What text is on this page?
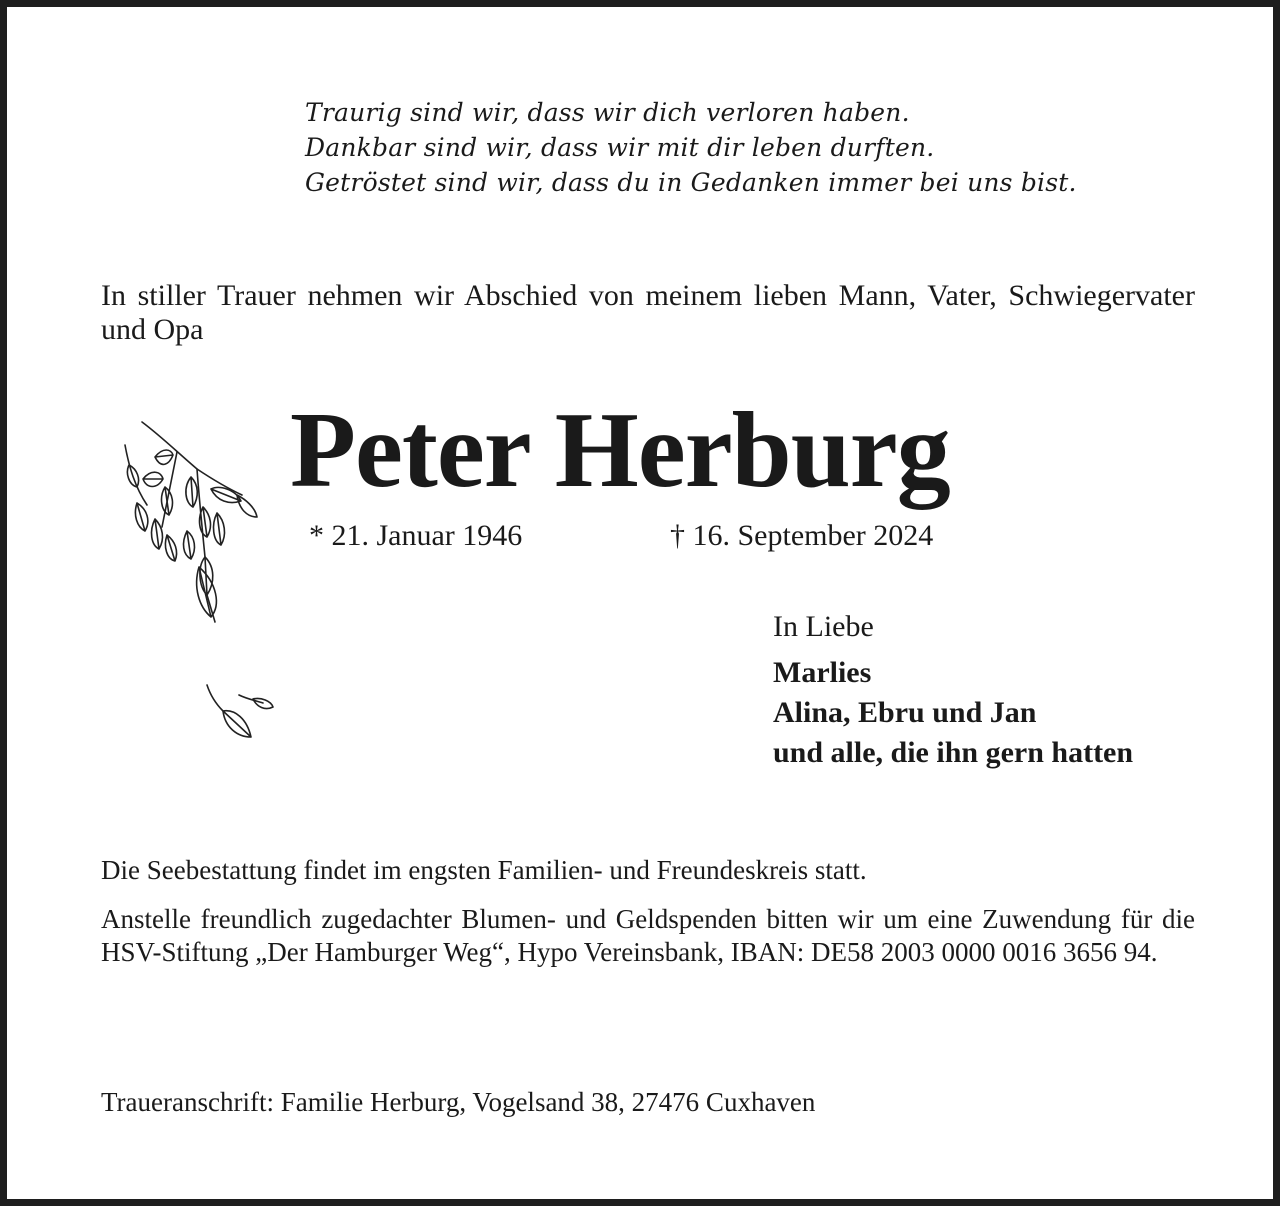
Traurig sind wir, dass wir dich verloren haben.
Dankbar sind wir, dass wir mit dir leben durften.
Getröstet sind wir, dass du in Gedanken immer bei uns bist.

In stiller Trauer nehmen wir Abschied von meinem lieben Mann, Vater, Schwiegervater und Opa

Peter Herburg
* 21. Januar 1946	† 16. September 2024
In Liebe
Marlies
Alina, Ebru und Jan
und alle, die ihn gern hatten

Die Seebestattung findet im engsten Familien- und Freundeskreis statt.

Anstelle freundlich zugedachter Blumen- und Geldspenden bitten wir um eine Zuwendung für die HSV-Stiftung „Der Hamburger Weg“, Hypo Vereinsbank, IBAN: DE58 2003 0000 0016 3656 94.

Traueranschrift: Familie Herburg, Vogelsand 38, 27476 Cuxhaven
